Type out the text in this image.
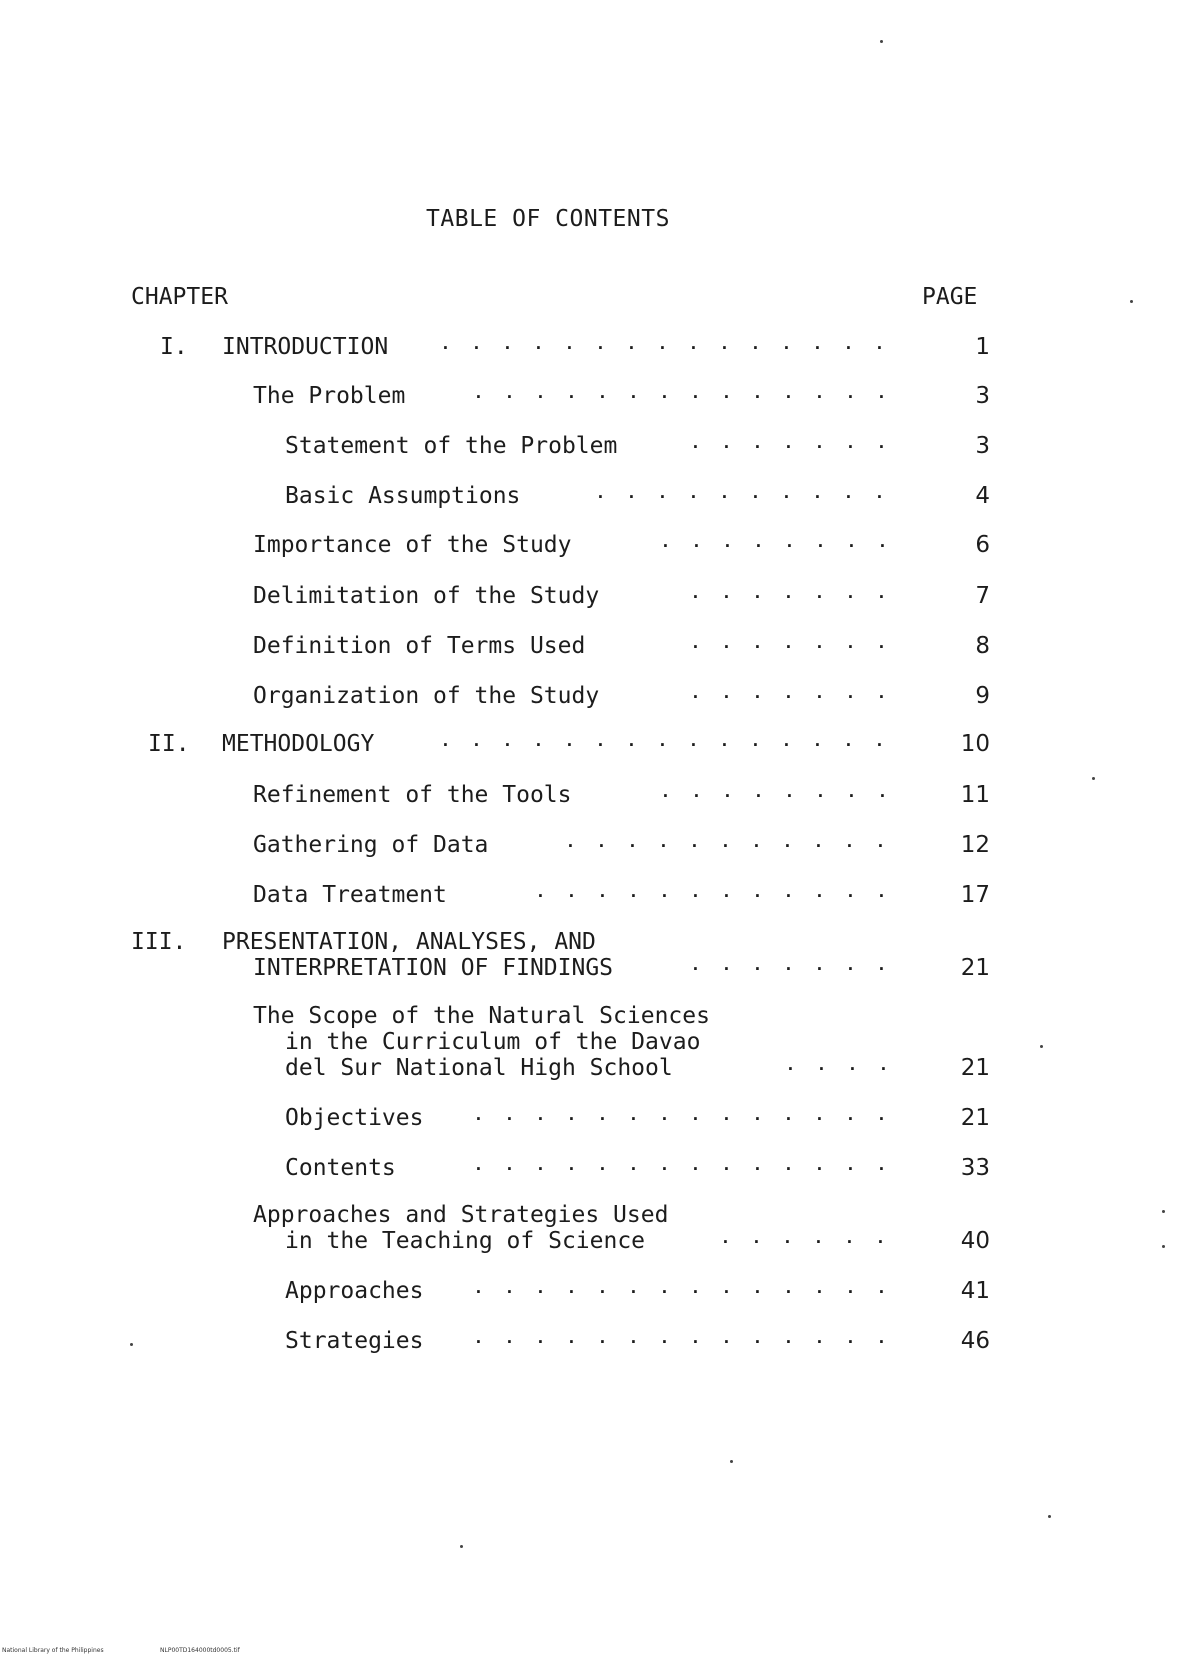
TABLE OF CONTENTS
CHAPTER	PAGE
I. INTRODUCTION	. . . . . . . . . . . . . . .	1
The Problem	. . . . . . . . . . . . . .	3
Statement of the Problem	. . . . . . .	3
Basic Assumptions	. . . . . . . . . .	4
Importance of the Study	. . . . . . . .	6
Delimitation of the Study	. . . . . . .	7
Definition of Terms Used	. . . . . . .	8
Organization of the Study	. . . . . . .	9
II. METHODOLOGY	. . . . . . . . . . . . . . .	10
Refinement of the Tools	. . . . . . . .	11
Gathering of Data	. . . . . . . . . . .	12
Data Treatment	. . . . . . . . . . . .	17
III. PRESENTATION, ANALYSES, AND
INTERPRETATION OF FINDINGS	. . . . . . .	21
The Scope of the Natural Sciences
in the Curriculum of the Davao
del Sur National High School	. . . .	21
Objectives	. . . . . . . . . . . . . .	21
Contents	. . . . . . . . . . . . . .	33
Approaches and Strategies Used
in the Teaching of Science	. . . . . .	40
Approaches	. . . . . . . . . . . . . .	41
Strategies	. . . . . . . . . . . . . .	46
National Library of the Philippines	NLP00TD164000td0005.tif
